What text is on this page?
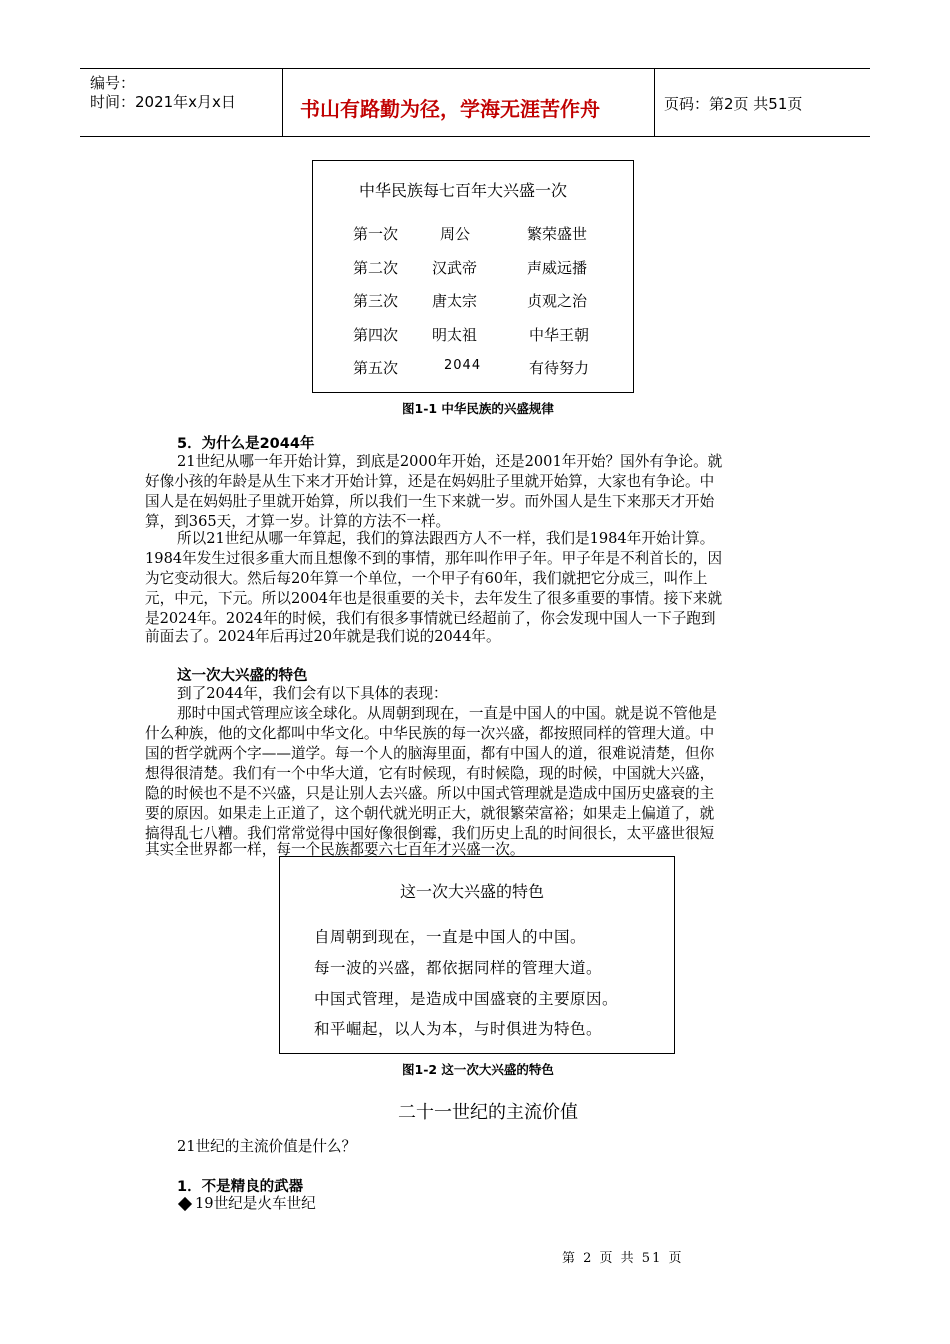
编号：
时间：2021年x月x日	书山有路勤为径，学海无涯苦作舟	页码：第2页 共51页
中华民族每七百年大兴盛一次
第一次	周公	繁荣盛世
第二次 汉武帝	声威远播
第三次 唐太宗	贞观之治
第四次 明太祖	中华王朝
第五次	2044	有待努力
图1-1 中华民族的兴盛规律
5．为什么是2044年
21世纪从哪一年开始计算，到底是2000年开始，还是2001年开始？国外有争论。就
好像小孩的年龄是从生下来才开始计算，还是在妈妈肚子里就开始算，大家也有争论。中
国人是在妈妈肚子里就开始算，所以我们一生下来就一岁。而外国人是生下来那天才开始
算，到365天，才算一岁。计算的方法不一样。
所以21世纪从哪一年算起，我们的算法跟西方人不一样，我们是1984年开始计算。
1984年发生过很多重大而且想像不到的事情，那年叫作甲子年。甲子年是不利首长的，因
为它变动很大。然后每20年算一个单位，一个甲子有60年，我们就把它分成三，叫作上
元，中元，下元。所以2004年也是很重要的关卡，去年发生了很多重要的事情。接下来就
是2024年。2024年的时候，我们有很多事情就已经超前了，你会发现中国人一下子跑到
前面去了。2024年后再过20年就是我们说的2044年。
这一次大兴盛的特色
到了2044年，我们会有以下具体的表现：
那时中国式管理应该全球化。从周朝到现在，一直是中国人的中国。就是说不管他是
什么种族，他的文化都叫中华文化。中华民族的每一次兴盛，都按照同样的管理大道。中
国的哲学就两个字——道学。每一个人的脑海里面，都有中国人的道，很难说清楚，但你
想得很清楚。我们有一个中华大道，它有时候现，有时候隐，现的时候，中国就大兴盛，
隐的时候也不是不兴盛，只是让别人去兴盛。所以中国式管理就是造成中国历史盛衰的主
要的原因。如果走上正道了，这个朝代就光明正大，就很繁荣富裕；如果走上偏道了，就
搞得乱七八糟。我们常常觉得中国好像很倒霉，我们历史上乱的时间很长，太平盛世很短
其实全世界都一样，每一个民族都要六七百年才兴盛一次。
这一次大兴盛的特色
自周朝到现在，一直是中国人的中国。
每一波的兴盛，都依据同样的管理大道。
中国式管理，是造成中国盛衰的主要原因。
和平崛起，以人为本，与时俱进为特色。
图1-2 这一次大兴盛的特色
二十一世纪的主流价值
21世纪的主流价值是什么？
1．不是精良的武器
19世纪是火车世纪
第 2 页 共 51 页
